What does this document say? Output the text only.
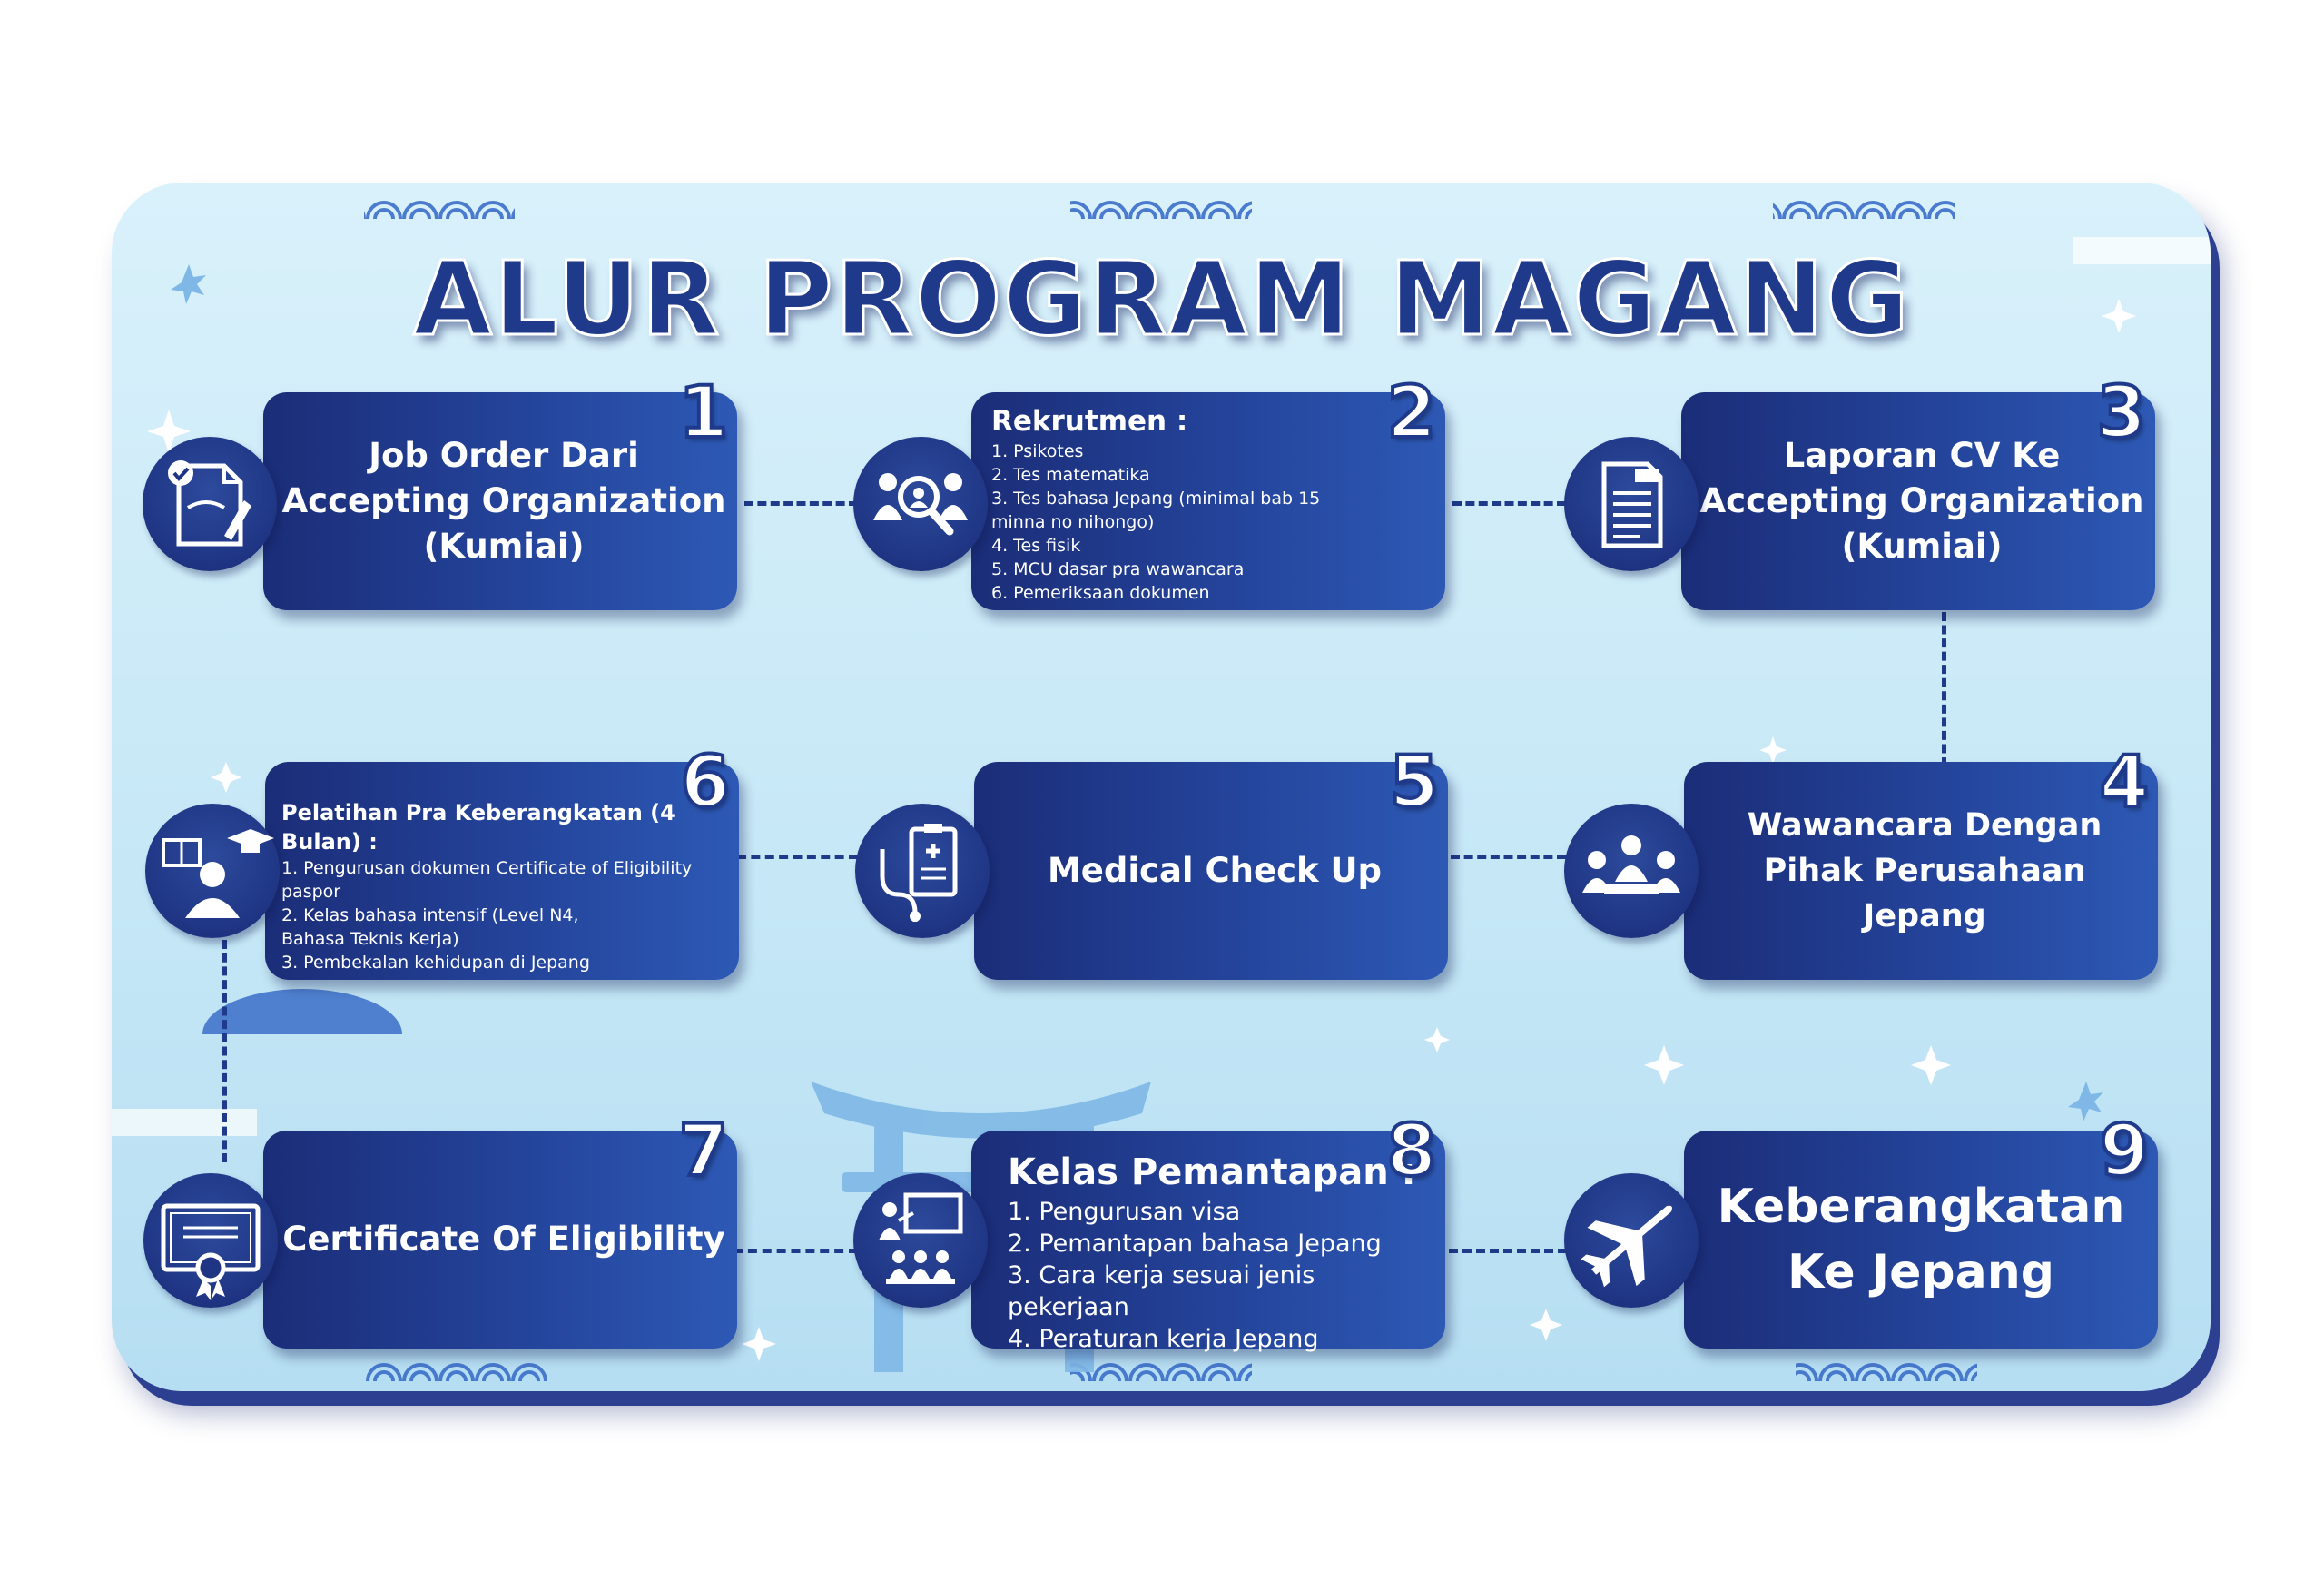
ALUR PROGRAM MAGANG
Job Order Dari Accepting Organization (Kumiai)
1	Rekrutmen :
1. Psikotes
2. Tes matematika
3. Tes bahasa Jepang (minimal bab 15 minna no nihongo)
4. Tes fisik
5. MCU dasar pra wawancara
6. Pemeriksaan dokumen
2
Laporan CV Ke Accepting Organization (Kumiai)
3
Wawancara Dengan Pihak Perusahaan Jepang
4
Medical Check Up
5
Pelatihan Pra Keberangkatan (4 Bulan) :
1. Pengurusan dokumen Certificate of Eligibility paspor
2. Kelas bahasa intensif (Level N4, Bahasa Teknis Kerja)
3. Pembekalan kehidupan di Jepang
6
Certificate Of Eligibility
7	Kelas Pemantapan :
1. Pengurusan visa
2. Pemantapan bahasa Jepang
3. Cara kerja sesuai jenis pekerjaan
4. Peraturan kerja Jepang
8
Keberangkatan Ke Jepang
9
